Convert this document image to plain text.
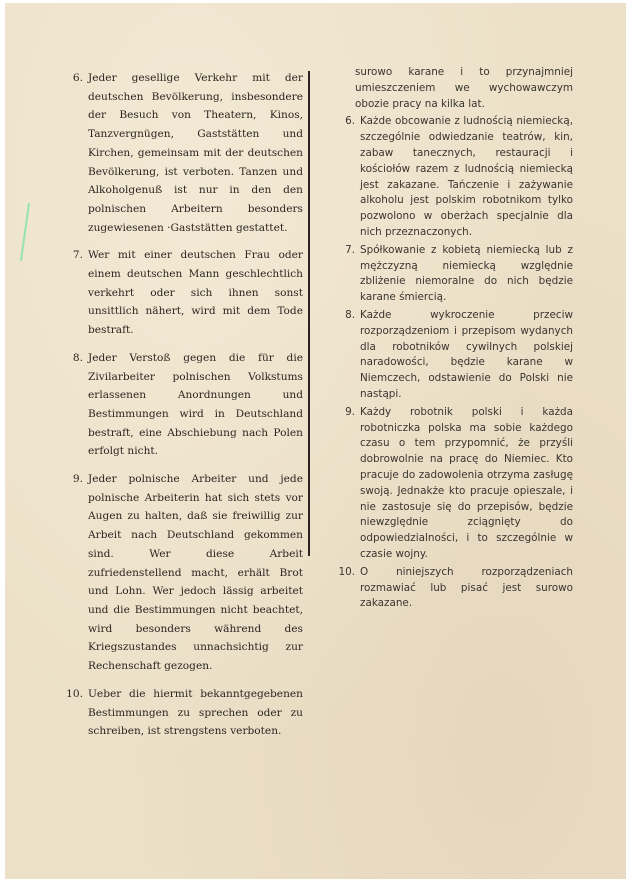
6. Jeder gesellige Verkehr mit der deutschen Bevölkerung, insbesondere der Besuch von Theatern, Kinos, Tanzvergnügen, Gaststätten und Kirchen, gemeinsam mit der deutschen Bevölkerung, ist verboten. Tanzen und Alkoholgenuß ist nur in den den polnischen Arbeitern besonders zugewiesenen ·Gaststätten gestattet.
7. Wer mit einer deutschen Frau oder einem deutschen Mann geschlechtlich verkehrt oder sich ihnen sonst unsittlich nähert, wird mit dem Tode bestraft.
8. Jeder Verstoß gegen die für die Zivilarbeiter polnischen Volkstums erlassenen Anordnungen und Bestimmungen wird in Deutschland bestraft, eine Abschiebung nach Polen erfolgt nicht.
9. Jeder polnische Arbeiter und jede polnische Arbeiterin hat sich stets vor Augen zu halten, daß sie freiwillig zur Arbeit nach Deutschland gekommen sind. Wer diese Arbeit zufriedenstellend macht, erhält Brot und Lohn. Wer jedoch lässig arbeitet und die Bestimmungen nicht beachtet, wird besonders während des Kriegszustandes unnachsichtig zur Rechenschaft gezogen.
10. Ueber die hiermit bekanntgegebenen Bestimmungen zu sprechen oder zu schreiben, ist strengstens verboten.
surowo karane i to przynajmniej umieszczeniem we wychowawczym obozie pracy na kilka lat.
6. Każde obcowanie z ludnością niemiecką, szczególnie odwiedzanie teatrów, kin, zabaw tanecznych, restauracji i kościołów razem z ludnością niemiecką jest zakazane. Tańczenie i zażywanie alkoholu jest polskim robotnikom tylko pozwolono w oberżach specjalnie dla nich przeznaczonych.
7. Spółkowanie z kobietą niemiecką lub z mężczyzną niemiecką względnie zbliżenie niemoralne do nich będzie karane śmiercią.
8. Każde wykroczenie przeciw rozporządzeniom i przepisom wydanych dla robotników cywilnych polskiej naradowości, będzie karane w Niemczech, odstawienie do Polski nie nastąpi.
9. Każdy robotnik polski i każda robotniczka polska ma sobie każdego czasu o tem przypomnić, że przyśli dobrowolnie na pracę do Niemiec. Kto pracuje do zadowolenia otrzyma zasługę swoją. Jednakże kto pracuje opieszale, i nie zastosuje się do przepisów, będzie niewzględnie zciągnięty do odpowiedzialności, i to szczególnie w czasie wojny.
10. O niniejszych rozporządzeniach rozmawiać lub pisać jest surowo zakazane.
